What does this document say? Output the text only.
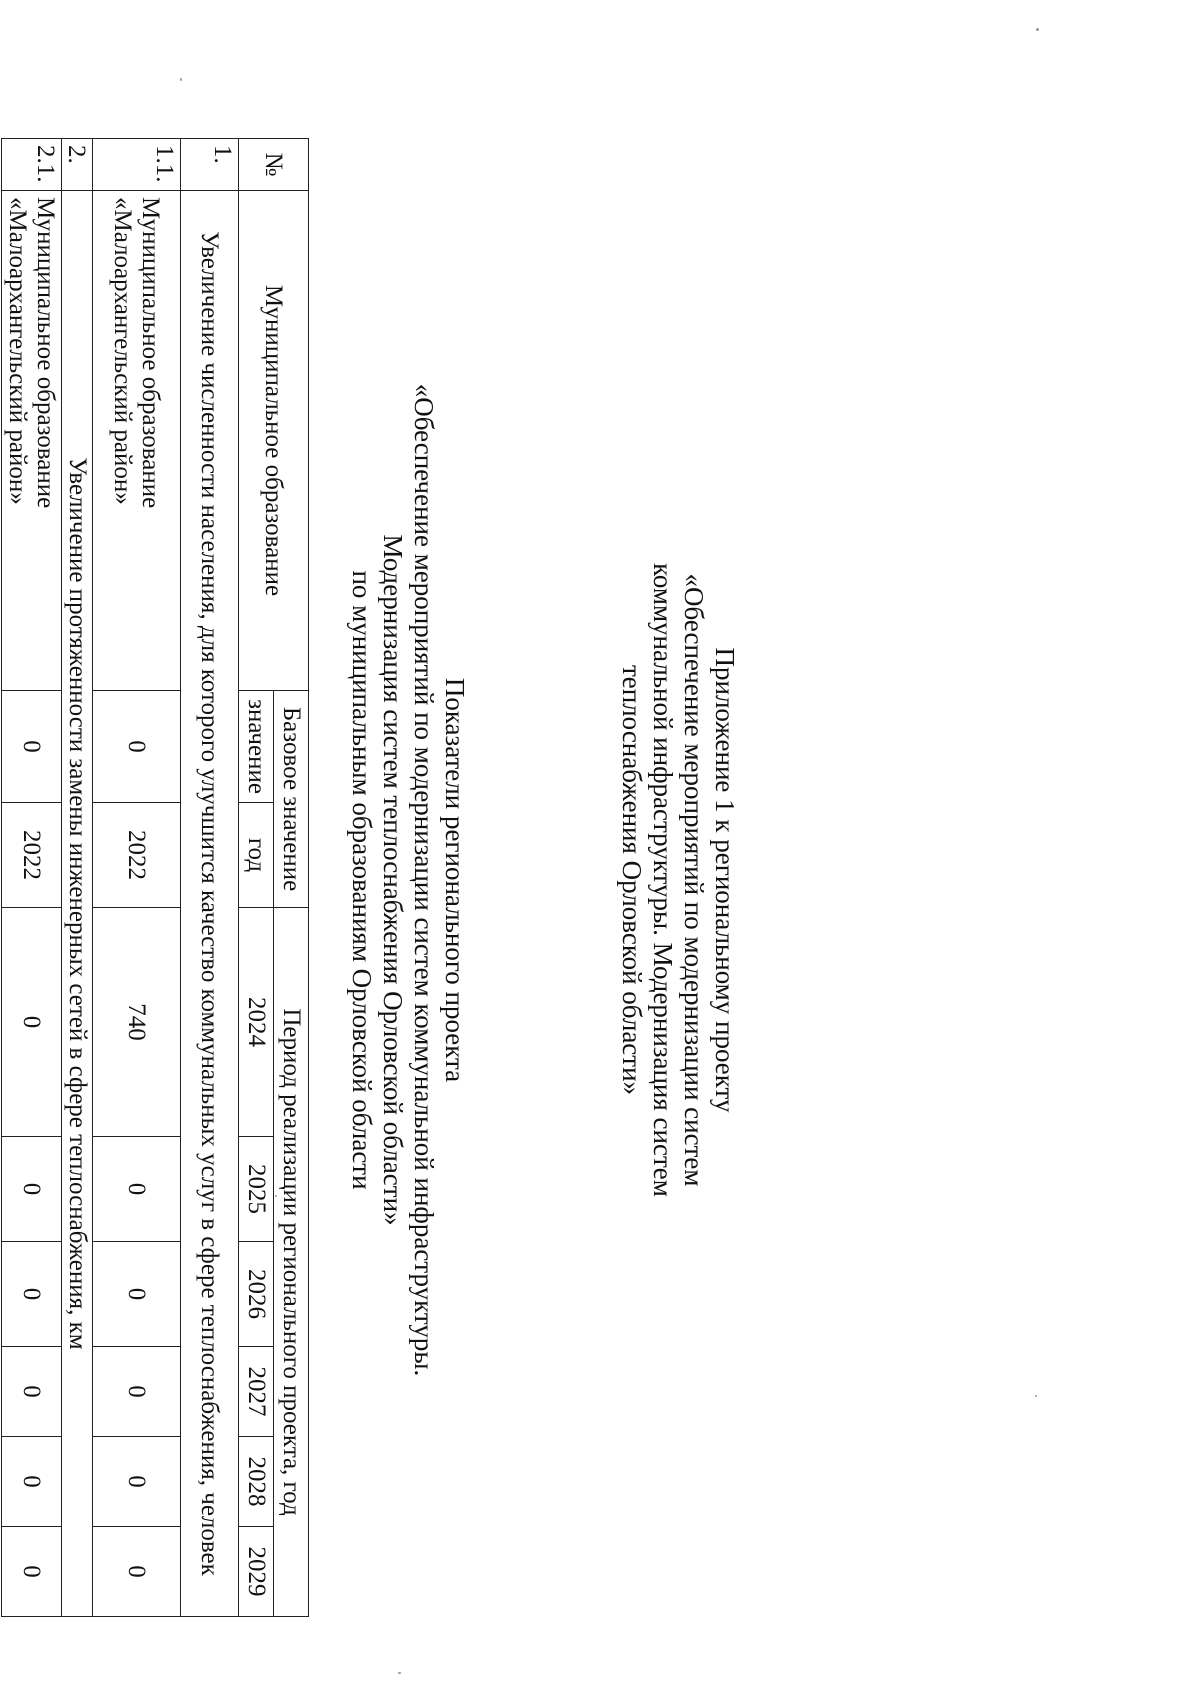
Приложение 1 к региональному проекту
«Обеспечение мероприятий по модернизации систем
коммунальной инфраструктуры. Модернизация систем
теплоснабжения Орловской области»
Показатели регионального проекта
«Обеспечение мероприятий по модернизации систем коммунальной инфраструктуры.
Модернизация систем теплоснабжения Орловской области»
по муниципальным образованиям Орловской области
№	Муниципальное образование	Базовое значение		Период реализации регионального проекта, год					
		значение	год	2024	2025	2026	2027	2028	2029
1.	Увеличение численности населения, для которого улучшится качество коммунальных услуг в сфере теплоснабжения, человек								
1.1.	Муниципальное образование «Малоархангельский район»	0	2022	740	0	0	0	0	0
2.	Увеличение протяженности замены инженерных сетей в сфере теплоснабжения, км								
2.1.	Муниципальное образование «Малоархангельский район»	0	2022	0	0	0	0	0	0
